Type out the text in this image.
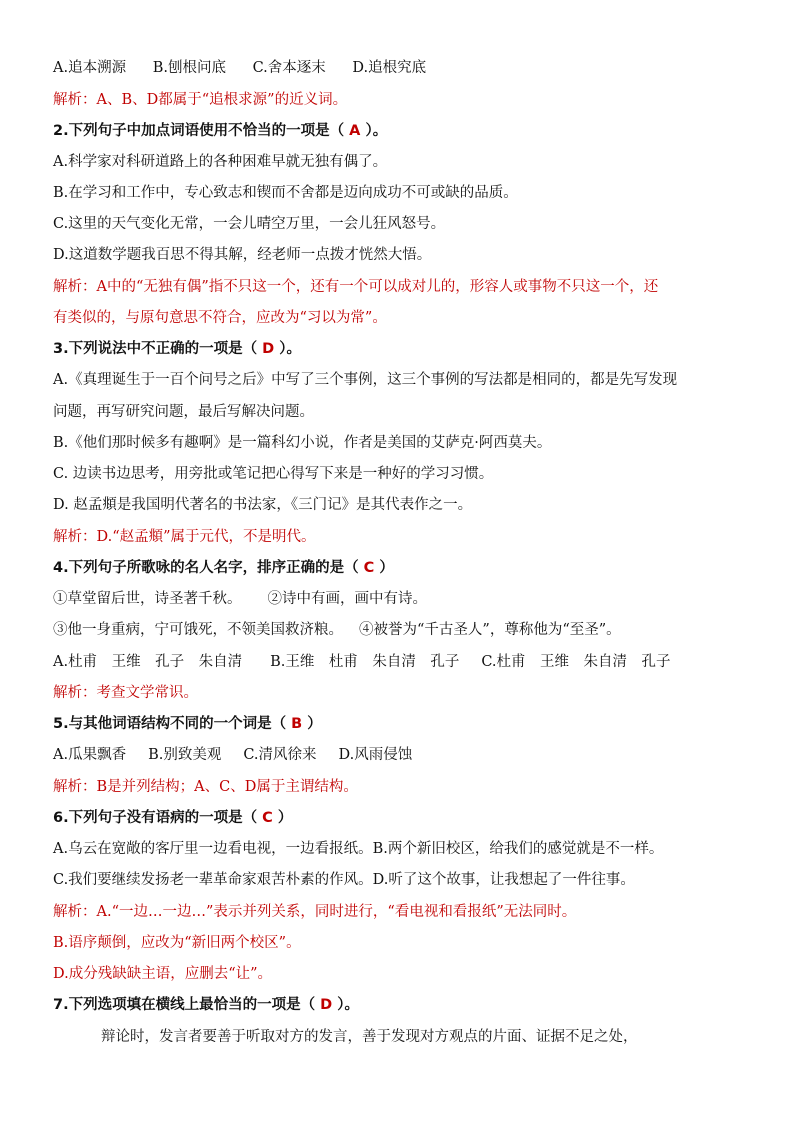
A.追本溯源 B.刨根问底 C.舍本逐末 D.追根究底
解析：A、B、D都属于“追根求源”的近义词。
2.下列句子中加点词语使用不恰当的一项是（ A ）。
A.科学家对科研道路上的各种困难早就无独有偶了。
B.在学习和工作中，专心致志和锲而不舍都是迈向成功不可或缺的品质。
C.这里的天气变化无常，一会儿晴空万里，一会儿狂风怒号。
D.这道数学题我百思不得其解，经老师一点拨才恍然大悟。
解析：A中的“无独有偶”指不只这一个，还有一个可以成对儿的，形容人或事物不只这一个，还
有类似的，与原句意思不符合，应改为“习以为常”。
3.下列说法中不正确的一项是（ D ）。
A.《真理诞生于一百个问号之后》中写了三个事例，这三个事例的写法都是相同的，都是先写发现
问题，再写研究问题，最后写解决问题。
B.《他们那时候多有趣啊》是一篇科幻小说，作者是美国的艾萨克·阿西莫夫。
C. 边读书边思考，用旁批或笔记把心得写下来是一种好的学习习惯。
D. 赵孟頫是我国明代著名的书法家，《三门记》是其代表作之一。
解析：D.“赵孟頫”属于元代，不是明代。
4.下列句子所歌咏的名人名字，排序正确的是（ C ）
①草堂留后世，诗圣著千秋。 ②诗中有画，画中有诗。
③他一身重病，宁可饿死，不领美国救济粮。 ④被誉为“千古圣人”，尊称他为“至圣”。
A.杜甫　王维　孔子　朱自清 B.王维　杜甫　朱自清　孔子 C.杜甫　王维　朱自清　孔子
解析：考查文学常识。
5.与其他词语结构不同的一个词是（ B ）
A.瓜果飘香 B.别致美观 C.清风徐来 D.风雨侵蚀
解析：B是并列结构；A、C、D属于主谓结构。
6.下列句子没有语病的一项是（ C ）
A.乌云在宽敞的客厅里一边看电视，一边看报纸。B.两个新旧校区，给我们的感觉就是不一样。
C.我们要继续发扬老一辈革命家艰苦朴素的作风。D.听了这个故事，让我想起了一件往事。
解析：A.“一边…一边…”表示并列关系，同时进行，“看电视和看报纸”无法同时。
B.语序颠倒，应改为“新旧两个校区”。
D.成分残缺缺主语，应删去“让”。
7.下列选项填在横线上最恰当的一项是（ D ）。
辩论时，发言者要善于听取对方的发言，善于发现对方观点的片面、证据不足之处，
